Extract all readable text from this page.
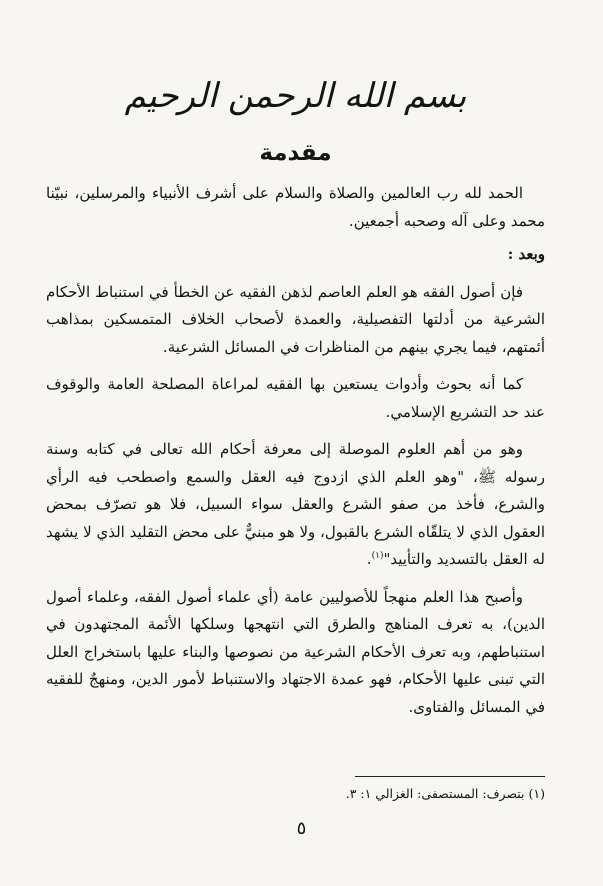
بسم الله الرحمن الرحيم

مقدمة

الحمد لله رب العالمين والصلاة والسلام على أشرف الأنبياء والمرسلين، نبيّنا محمد وعلى آله وصحبه أجمعين.

وبعد :

فإن أصول الفقه هو العلم العاصم لذهن الفقيه عن الخطأ في استنباط الأحكام الشرعية من أدلتها التفصيلية، والعمدة لأصحاب الخلاف المتمسكين بمذاهب أئمتهم، فيما يجري بينهم من المناظرات في المسائل الشرعية.

كما أنه بحوث وأدوات يستعين بها الفقيه لمراعاة المصلحة العامة والوقوف عند حد التشريع الإسلامي.

وهو من أهم العلوم الموصلة إلى معرفة أحكام الله تعالى في كتابه وسنة رسوله ﷺ، "وهو العلم الذي ازدوج فيه العقل والسمع واصطحب فيه الرأي والشرع، فأخذ من صفو الشرع والعقل سواء السبيل، فلا هو تصرّف بمحض العقول الذي لا يتلقّاه الشرع بالقبول، ولا هو مبنيٌّ على محض التقليد الذي لا يشهد له العقل بالتسديد والتأييد"$^{(١)}$.

وأصبح هذا العلم منهجاً للأصوليين عامة (أي علماء أصول الفقه، وعلماء أصول الدين)، به تعرف المناهج والطرق التي انتهجها وسلكها الأئمة المجتهدون في استنباطهم، وبه تعرف الأحكام الشرعية من نصوصها والبناء عليها باستخراج العلل التي تبنى عليها الأحكام، فهو عمدة الاجتهاد والاستنباط لأمور الدين، ومنهجٌ للفقيه في المسائل والفتاوى.

(١) بتصرف: المستصفى: الغزالي ١: ٣.

٥
